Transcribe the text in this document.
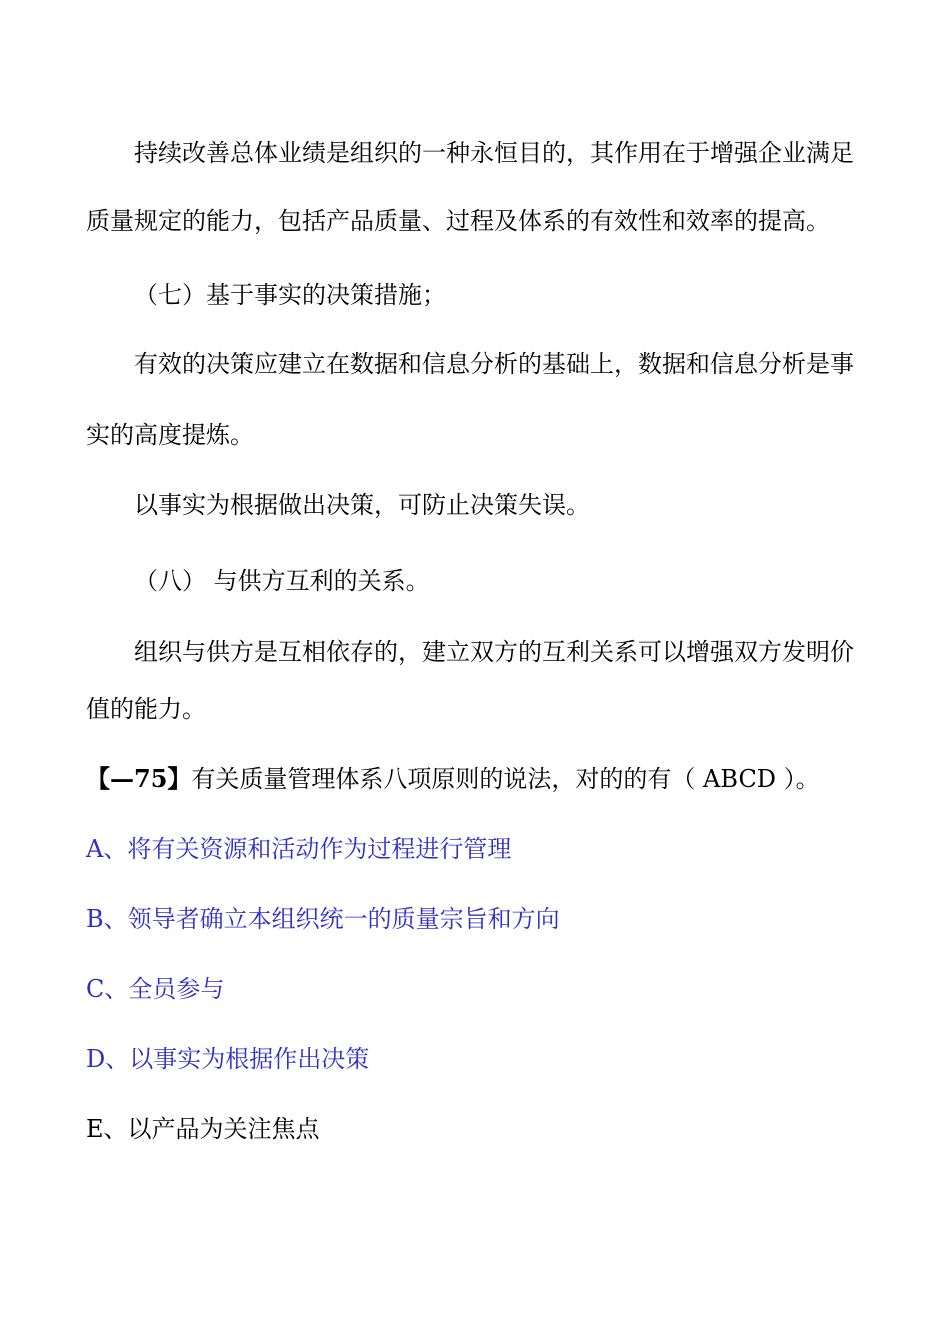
持续改善总体业绩是组织的一种永恒目的，其作用在于增强企业满足

质量规定的能力，包括产品质量、过程及体系的有效性和效率的提高。

（七）基于事实的决策措施；

有效的决策应建立在数据和信息分析的基础上，数据和信息分析是事

实的高度提炼。

以事实为根据做出决策，可防止决策失误。

（八） 与供方互利的关系。

组织与供方是互相依存的，建立双方的互利关系可以增强双方发明价

值的能力。

【—75】有关质量管理体系八项原则的说法，对的的有（ ABCD ）。

A、将有关资源和活动作为过程进行管理

B、领导者确立本组织统一的质量宗旨和方向

C、全员参与

D、以事实为根据作出决策

E、以产品为关注焦点
